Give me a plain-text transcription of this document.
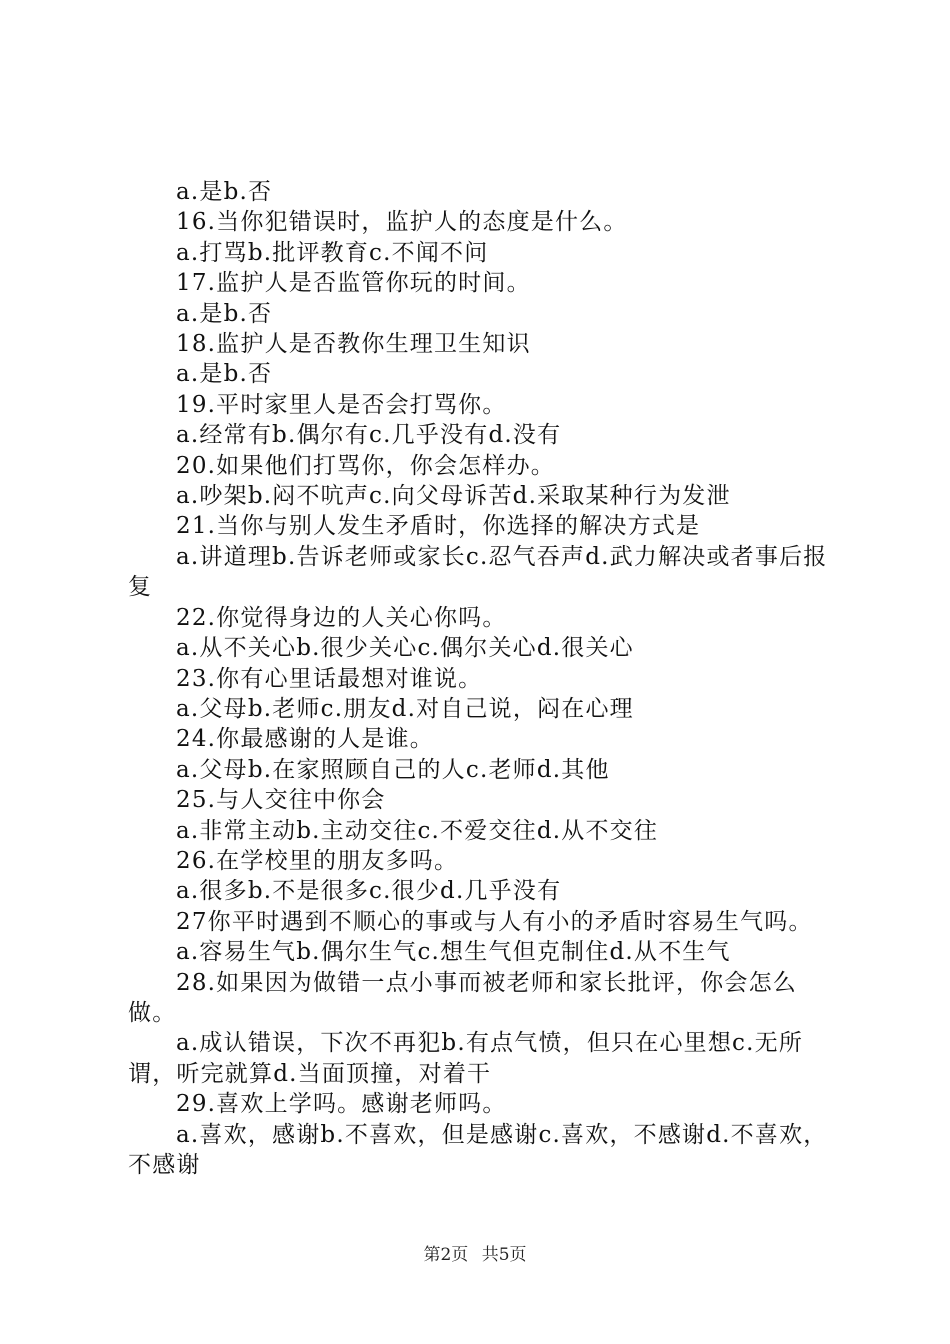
a.是b.否

16.当你犯错误时，监护人的态度是什么。

a.打骂b.批评教育c.不闻不问

17.监护人是否监管你玩的时间。

a.是b.否

18.监护人是否教你生理卫生知识

a.是b.否

19.平时家里人是否会打骂你。

a.经常有b.偶尔有c.几乎没有d.没有

20.如果他们打骂你，你会怎样办。

a.吵架b.闷不吭声c.向父母诉苦d.采取某种行为发泄

21.当你与别人发生矛盾时，你选择的解决方式是

a.讲道理b.告诉老师或家长c.忍气吞声d.武力解决或者事后报复

22.你觉得身边的人关心你吗。

a.从不关心b.很少关心c.偶尔关心d.很关心

23.你有心里话最想对谁说。

a.父母b.老师c.朋友d.对自己说，闷在心理

24.你最感谢的人是谁。

a.父母b.在家照顾自己的人c.老师d.其他

25.与人交往中你会

a.非常主动b.主动交往c.不爱交往d.从不交往

26.在学校里的朋友多吗。

a.很多b.不是很多c.很少d.几乎没有

27你平时遇到不顺心的事或与人有小的矛盾时容易生气吗。

a.容易生气b.偶尔生气c.想生气但克制住d.从不生气

28.如果因为做错一点小事而被老师和家长批评，你会怎么做。

a.成认错误，下次不再犯b.有点气愤，但只在心里想c.无所谓，听完就算d.当面顶撞，对着干

29.喜欢上学吗。感谢老师吗。

a.喜欢，感谢b.不喜欢，但是感谢c.喜欢，不感谢d.不喜欢，不感谢

第2页 共5页
